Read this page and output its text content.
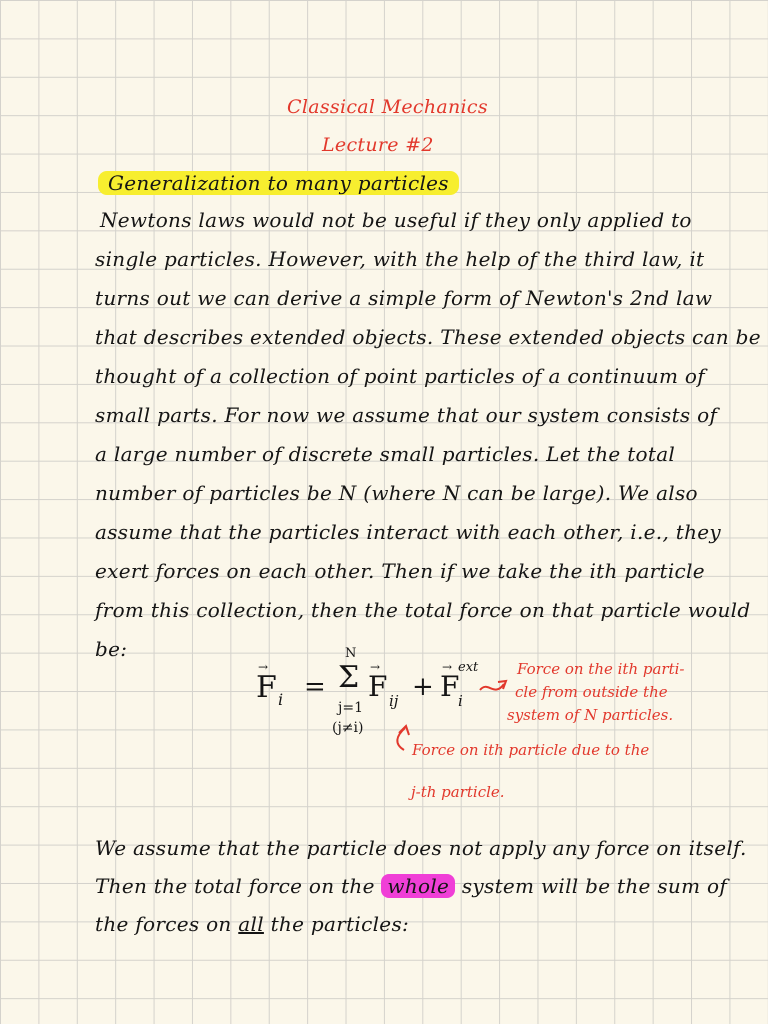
Classical Mechanics
Lecture #2
Generalization to many particles
Newtons laws would not be useful if they only applied to
single particles. However, with the help of the third law, it
turns out we can derive a simple form of Newton's 2nd law
that describes extended objects. These extended objects can be
thought of a collection of point particles of a continuum of
small parts. For now we assume that our system consists of
a large number of discrete small particles. Let the total
number of particles be N (where N can be large). We also
assume that the particles interact with each other, i.e., they
exert forces on each other. Then if we take the ith particle
from this collection, then the total force on that particle would
be:
→
F i =
N
Σ
j=1
(j≠i)
→
F ij +
→
F
ext
i
Force on the ith parti-
cle from outside the
system of N particles.
Force on ith particle due to the
j-th particle.
We assume that the particle does not apply any force on itself.
Then the total force on the whole system will be the sum of
the forces on all the particles:
